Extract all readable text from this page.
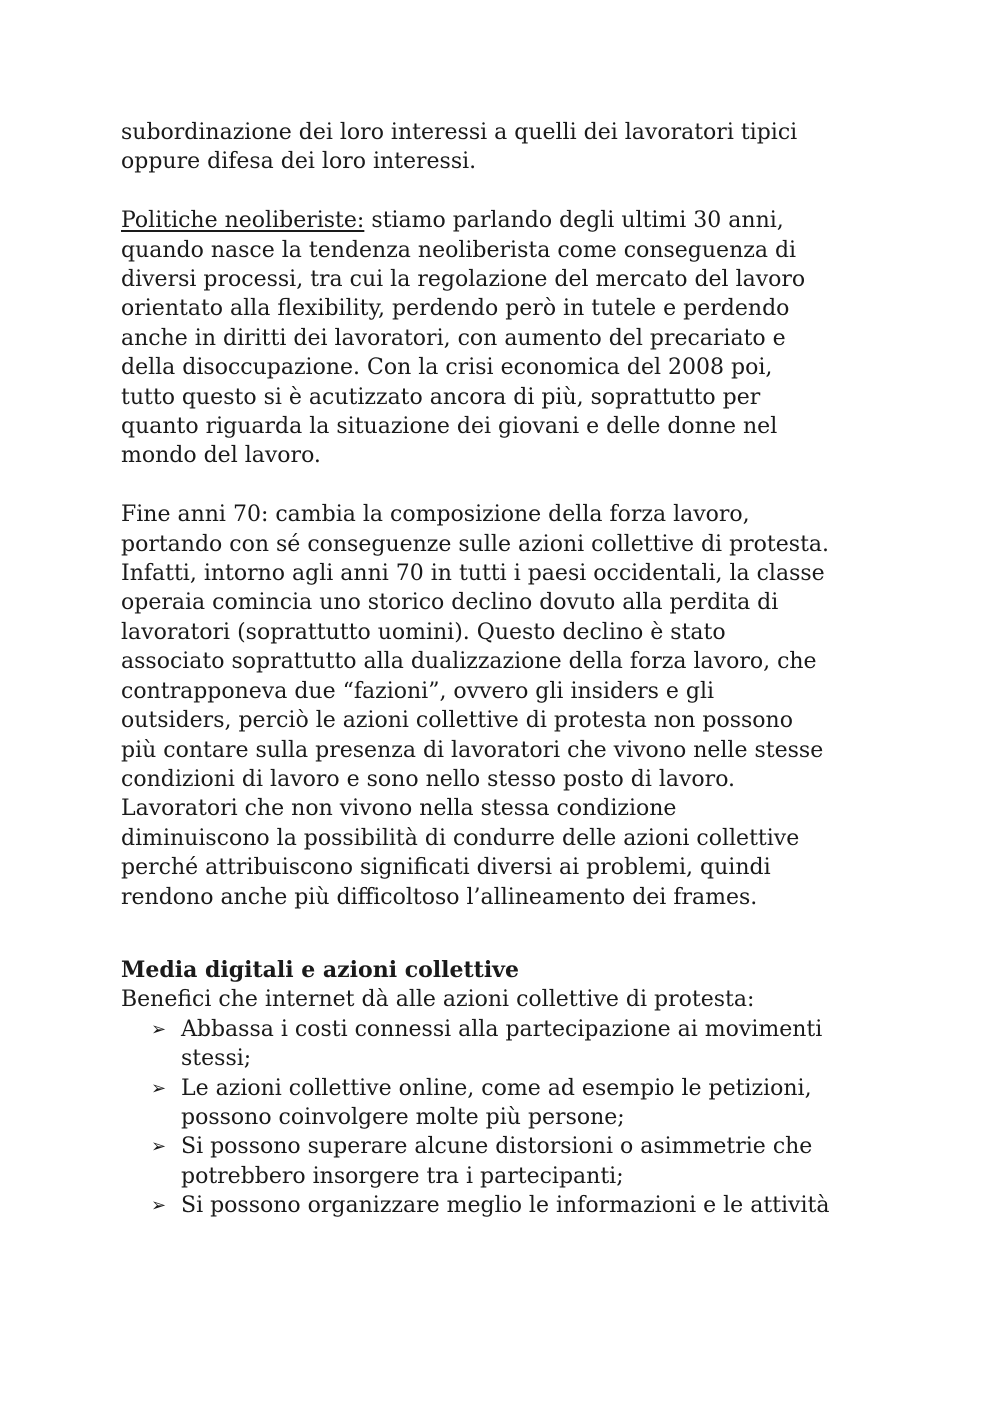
subordinazione dei loro interessi a quelli dei lavoratori tipici
oppure difesa dei loro interessi.

Politiche neoliberiste: stiamo parlando degli ultimi 30 anni,
quando nasce la tendenza neoliberista come conseguenza di
diversi processi, tra cui la regolazione del mercato del lavoro
orientato alla flexibility, perdendo però in tutele e perdendo
anche in diritti dei lavoratori, con aumento del precariato e
della disoccupazione. Con la crisi economica del 2008 poi,
tutto questo si è acutizzato ancora di più, soprattutto per
quanto riguarda la situazione dei giovani e delle donne nel
mondo del lavoro.

Fine anni 70: cambia la composizione della forza lavoro,
portando con sé conseguenze sulle azioni collettive di protesta.
Infatti, intorno agli anni 70 in tutti i paesi occidentali, la classe
operaia comincia uno storico declino dovuto alla perdita di
lavoratori (soprattutto uomini). Questo declino è stato
associato soprattutto alla dualizzazione della forza lavoro, che
contrapponeva due “fazioni”, ovvero gli insiders e gli
outsiders, perciò le azioni collettive di protesta non possono
più contare sulla presenza di lavoratori che vivono nelle stesse
condizioni di lavoro e sono nello stesso posto di lavoro.
Lavoratori che non vivono nella stessa condizione
diminuiscono la possibilità di condurre delle azioni collettive
perché attribuiscono significati diversi ai problemi, quindi
rendono anche più difficoltoso l’allineamento dei frames.

Media digitali e azioni collettive

Benefici che internet dà alle azioni collettive di protesta:

➢ Abbassa i costi connessi alla partecipazione ai movimenti
stessi;
➢ Le azioni collettive online, come ad esempio le petizioni,
possono coinvolgere molte più persone;
➢ Si possono superare alcune distorsioni o asimmetrie che
potrebbero insorgere tra i partecipanti;
➢ Si possono organizzare meglio le informazioni e le attività
